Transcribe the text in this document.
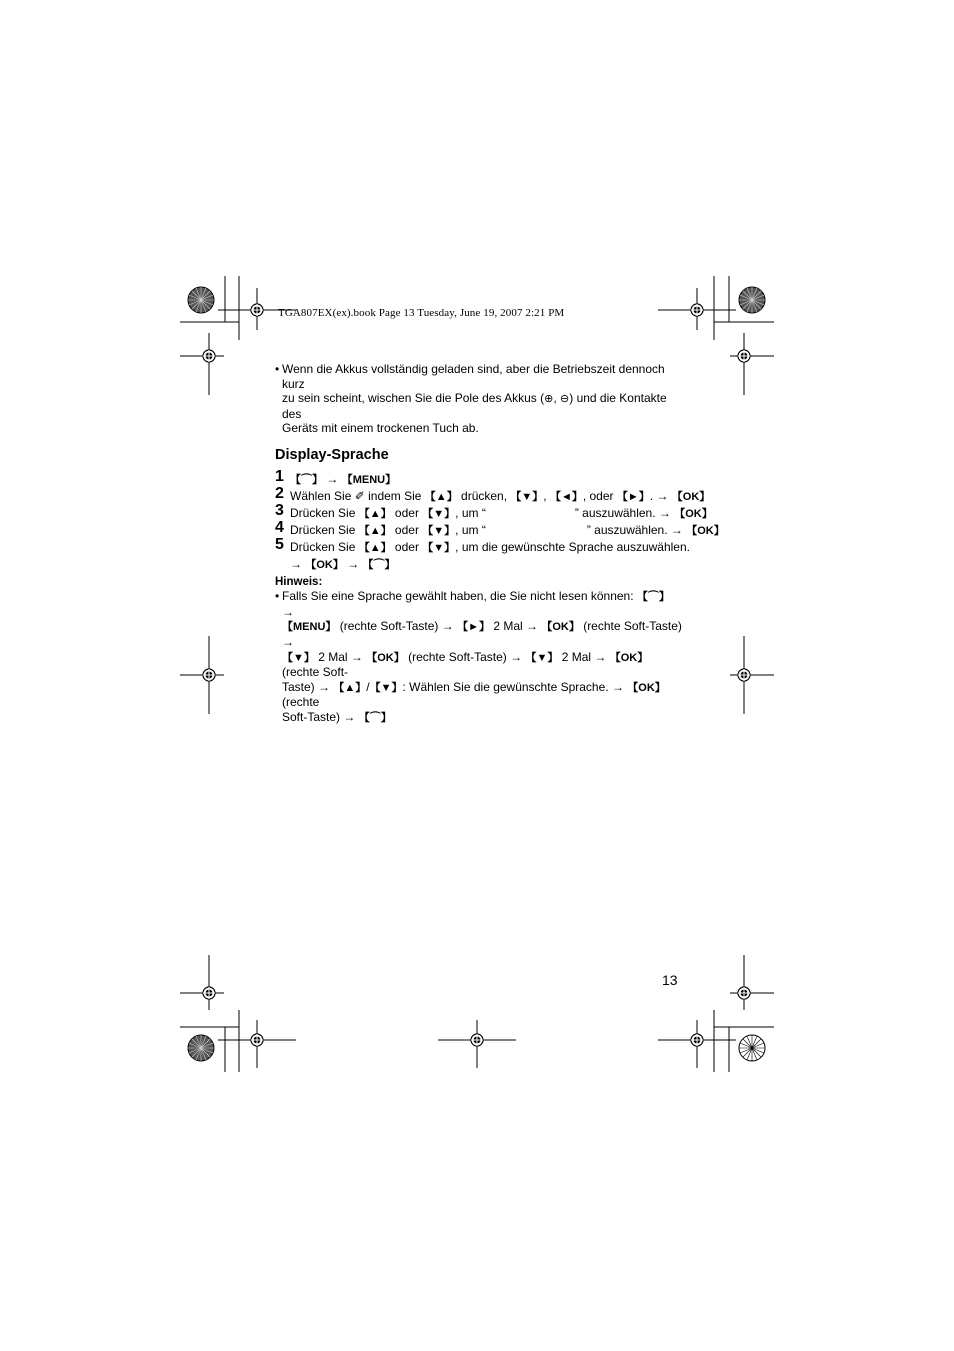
TGA807EX(ex).book Page 13 Tuesday, June 19, 2007 2:21 PM
• Wenn die Akkus vollständig geladen sind, aber die Betriebszeit dennoch kurz
zu sein scheint, wischen Sie die Pole des Akkus (⊕, ⊖) und die Kontakte des
Geräts mit einem trockenen Tuch ab.
Display-Sprache
1 【⌒】 → 【MENU】
2 Wählen Sie ✐ indem Sie 【▲】 drücken, 【▼】, 【◄】, oder 【►】. → 【OK】
3 Drücken Sie 【▲】 oder 【▼】, um “	” auszuwählen. → 【OK】
4 Drücken Sie 【▲】 oder 【▼】, um “	” auszuwählen. → 【OK】
5 Drücken Sie 【▲】 oder 【▼】, um die gewünschte Sprache auszuwählen.
→ 【OK】 → 【⌒】
Hinweis:
• Falls Sie eine Sprache gewählt haben, die Sie nicht lesen können: 【⌒】 →
【MENU】 (rechte Soft-Taste) → 【►】 2 Mal → 【OK】 (rechte Soft-Taste) →
【▼】 2 Mal → 【OK】 (rechte Soft-Taste) → 【▼】 2 Mal → 【OK】 (rechte Soft-
Taste) → 【▲】/【▼】: Wählen Sie die gewünschte Sprache. → 【OK】 (rechte
Soft-Taste) → 【⌒】
13
